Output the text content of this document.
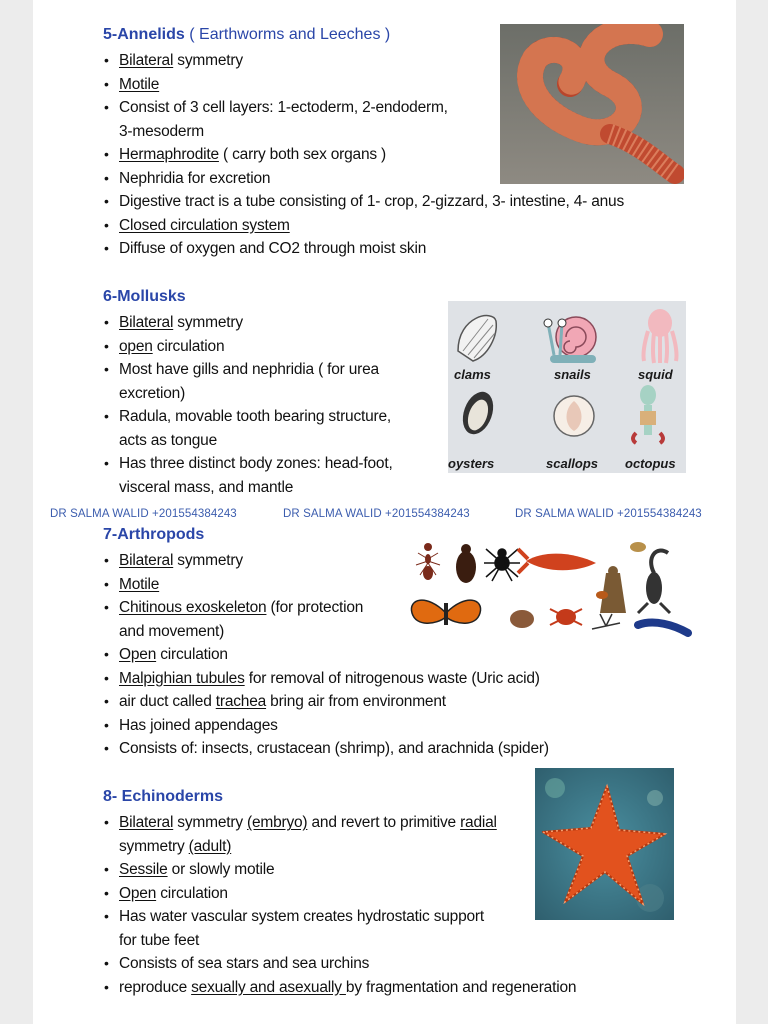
5-Annelids ( Earthworms and Leeches )
• Bilateral symmetry
• Motile
• Consist of 3 cell layers: 1-ectoderm, 2-endoderm,
3-mesoderm
• Hermaphrodite ( carry both sex organs )
• Nephridia for excretion
• Digestive tract is a tube consisting of 1- crop, 2-gizzard, 3- intestine, 4- anus
• Closed circulation system
• Diffuse of oxygen and CO2 through moist skin
6-Mollusks
• Bilateral symmetry
• open circulation
• Most have gills and nephridia ( for urea
excretion)
• Radula, movable tooth bearing structure,
acts as tongue
• Has three distinct body zones: head-foot,
visceral mass, and mantle
clams	snails	squid
oysters	scallops octopus
7-Arthropods
• Bilateral symmetry
• Motile
• Chitinous exoskeleton (for protection
and movement)
• Open circulation
• Malpighian tubules for removal of nitrogenous waste (Uric acid)
• air duct called trachea bring air from environment
• Has joined appendages
• Consists of: insects, crustacean (shrimp), and arachnida (spider)
8- Echinoderms
• Bilateral symmetry (embryo) and revert to primitive radial
symmetry (adult)
• Sessile or slowly motile
• Open circulation
• Has water vascular system creates hydrostatic support
for tube feet
• Consists of sea stars and sea urchins
• reproduce sexually and asexually by fragmentation and regeneration
DR SALMA WALID +201554384243	DR SALMA WALID +201554384243	DR SALMA WALID +201554384243
